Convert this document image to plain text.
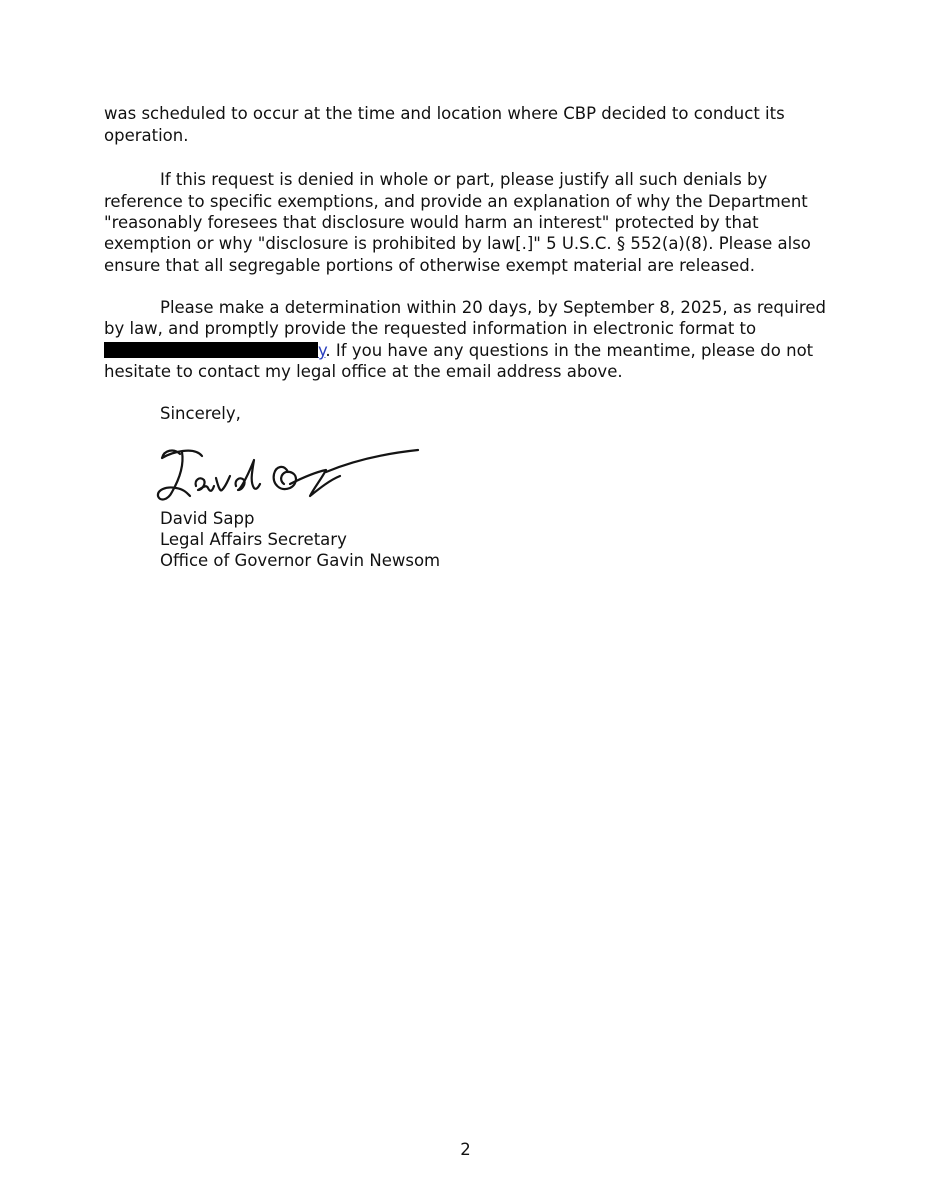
was scheduled to occur at the time and location where CBP decided to conduct its
operation.
If this request is denied in whole or part, please justify all such denials by
reference to specific exemptions, and provide an explanation of why the Department
"reasonably foresees that disclosure would harm an interest" protected by that
exemption or why "disclosure is prohibited by law[.]" 5 U.S.C. § 552(a)(8). Please also
ensure that all segregable portions of otherwise exempt material are released.
Please make a determination within 20 days, by September 8, 2025, as required
by law, and promptly provide the requested information in electronic format to
y. If you have any questions in the meantime, please do not
hesitate to contact my legal office at the email address above.
Sincerely,
David Sapp
Legal Affairs Secretary
Office of Governor Gavin Newsom
2
